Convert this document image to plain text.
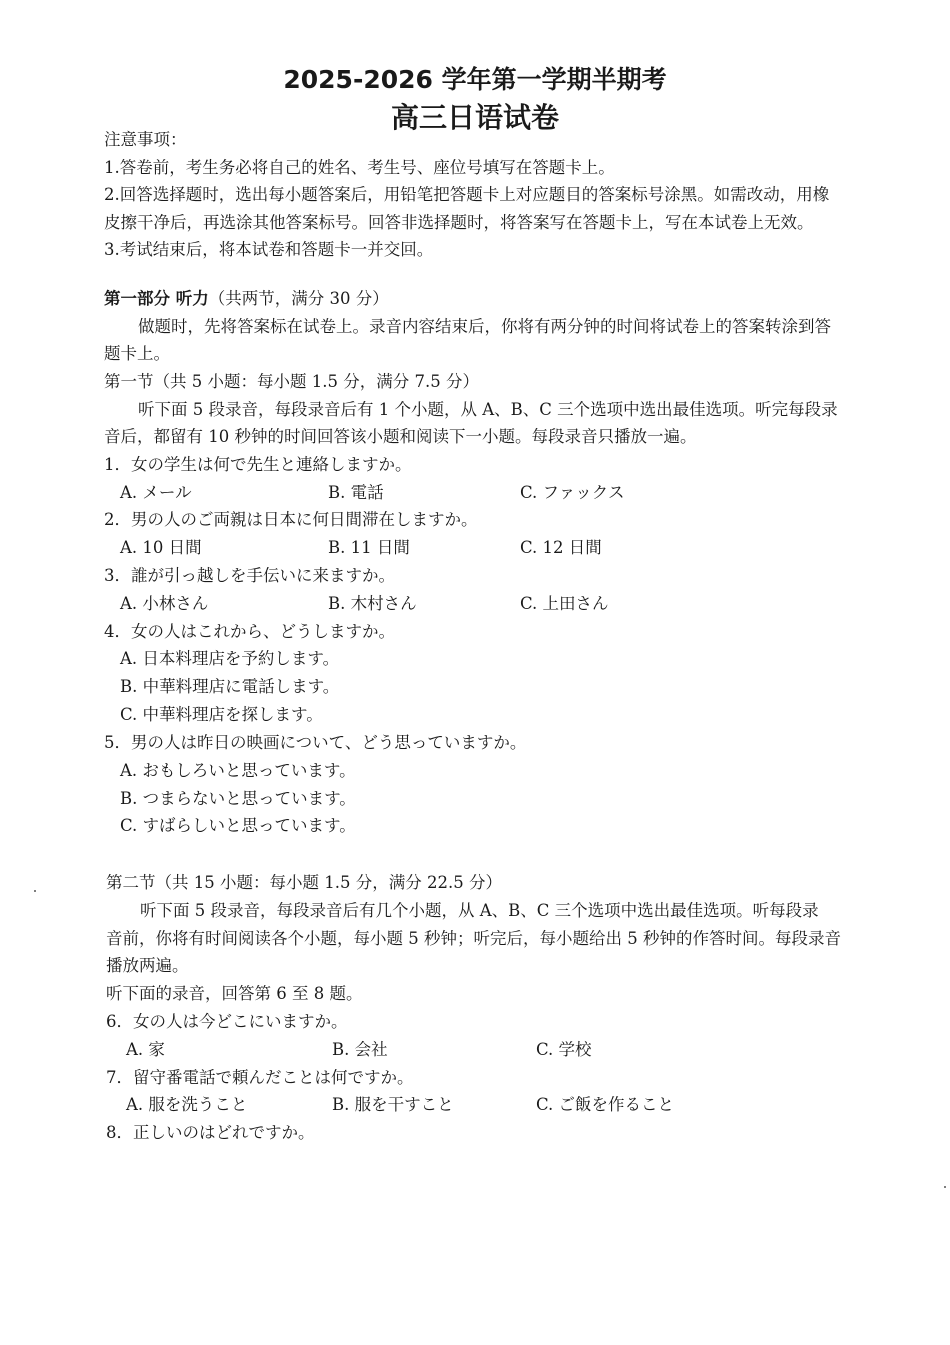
2025-2026 学年第一学期半期考
高三日语试卷
注意事项：
1.答卷前，考生务必将自己的姓名、考生号、座位号填写在答题卡上。
2.回答选择题时，选出每小题答案后，用铅笔把答题卡上对应题目的答案标号涂黑。如需改动，用橡
皮擦干净后，再选涂其他答案标号。回答非选择题时，将答案写在答题卡上，写在本试卷上无效。
3.考试结束后，将本试卷和答题卡一并交回。
第一部分 听力（共两节，满分 30 分）
做题时，先将答案标在试卷上。录音内容结束后，你将有两分钟的时间将试卷上的答案转涂到答
题卡上。
第一节（共 5 小题：每小题 1.5 分，满分 7.5 分）
听下面 5 段录音，每段录音后有 1 个小题，从 A、B、C 三个选项中选出最佳选项。听完每段录
音后，都留有 10 秒钟的时间回答该小题和阅读下一小题。每段录音只播放一遍。
1．女の学生は何で先生と連絡しますか。
A. メール	B. 電話	C. ファックス
2．男の人のご両親は日本に何日間滞在しますか。
A. 10 日間	B. 11 日間	C. 12 日間
3．誰が引っ越しを手伝いに来ますか。
A. 小林さん	B. 木村さん	C. 上田さん
4．女の人はこれから、どうしますか。
A. 日本料理店を予約します。
B. 中華料理店に電話します。
C. 中華料理店を探します。
5．男の人は昨日の映画について、どう思っていますか。
A. おもしろいと思っています。
B. つまらないと思っています。
C. すばらしいと思っています。
第二节（共 15 小题：每小题 1.5 分，满分 22.5 分）
听下面 5 段录音，每段录音后有几个小题，从 A、B、C 三个选项中选出最佳选项。听每段录
音前，你将有时间阅读各个小题，每小题 5 秒钟；听完后，每小题给出 5 秒钟的作答时间。每段录音
播放两遍。
听下面的录音，回答第 6 至 8 题。
6．女の人は今どこにいますか。
A. 家	B. 会社	C. 学校
7．留守番電話で頼んだことは何ですか。
A. 服を洗うこと	B. 服を干すこと	C. ご飯を作ること
8．正しいのはどれですか。
